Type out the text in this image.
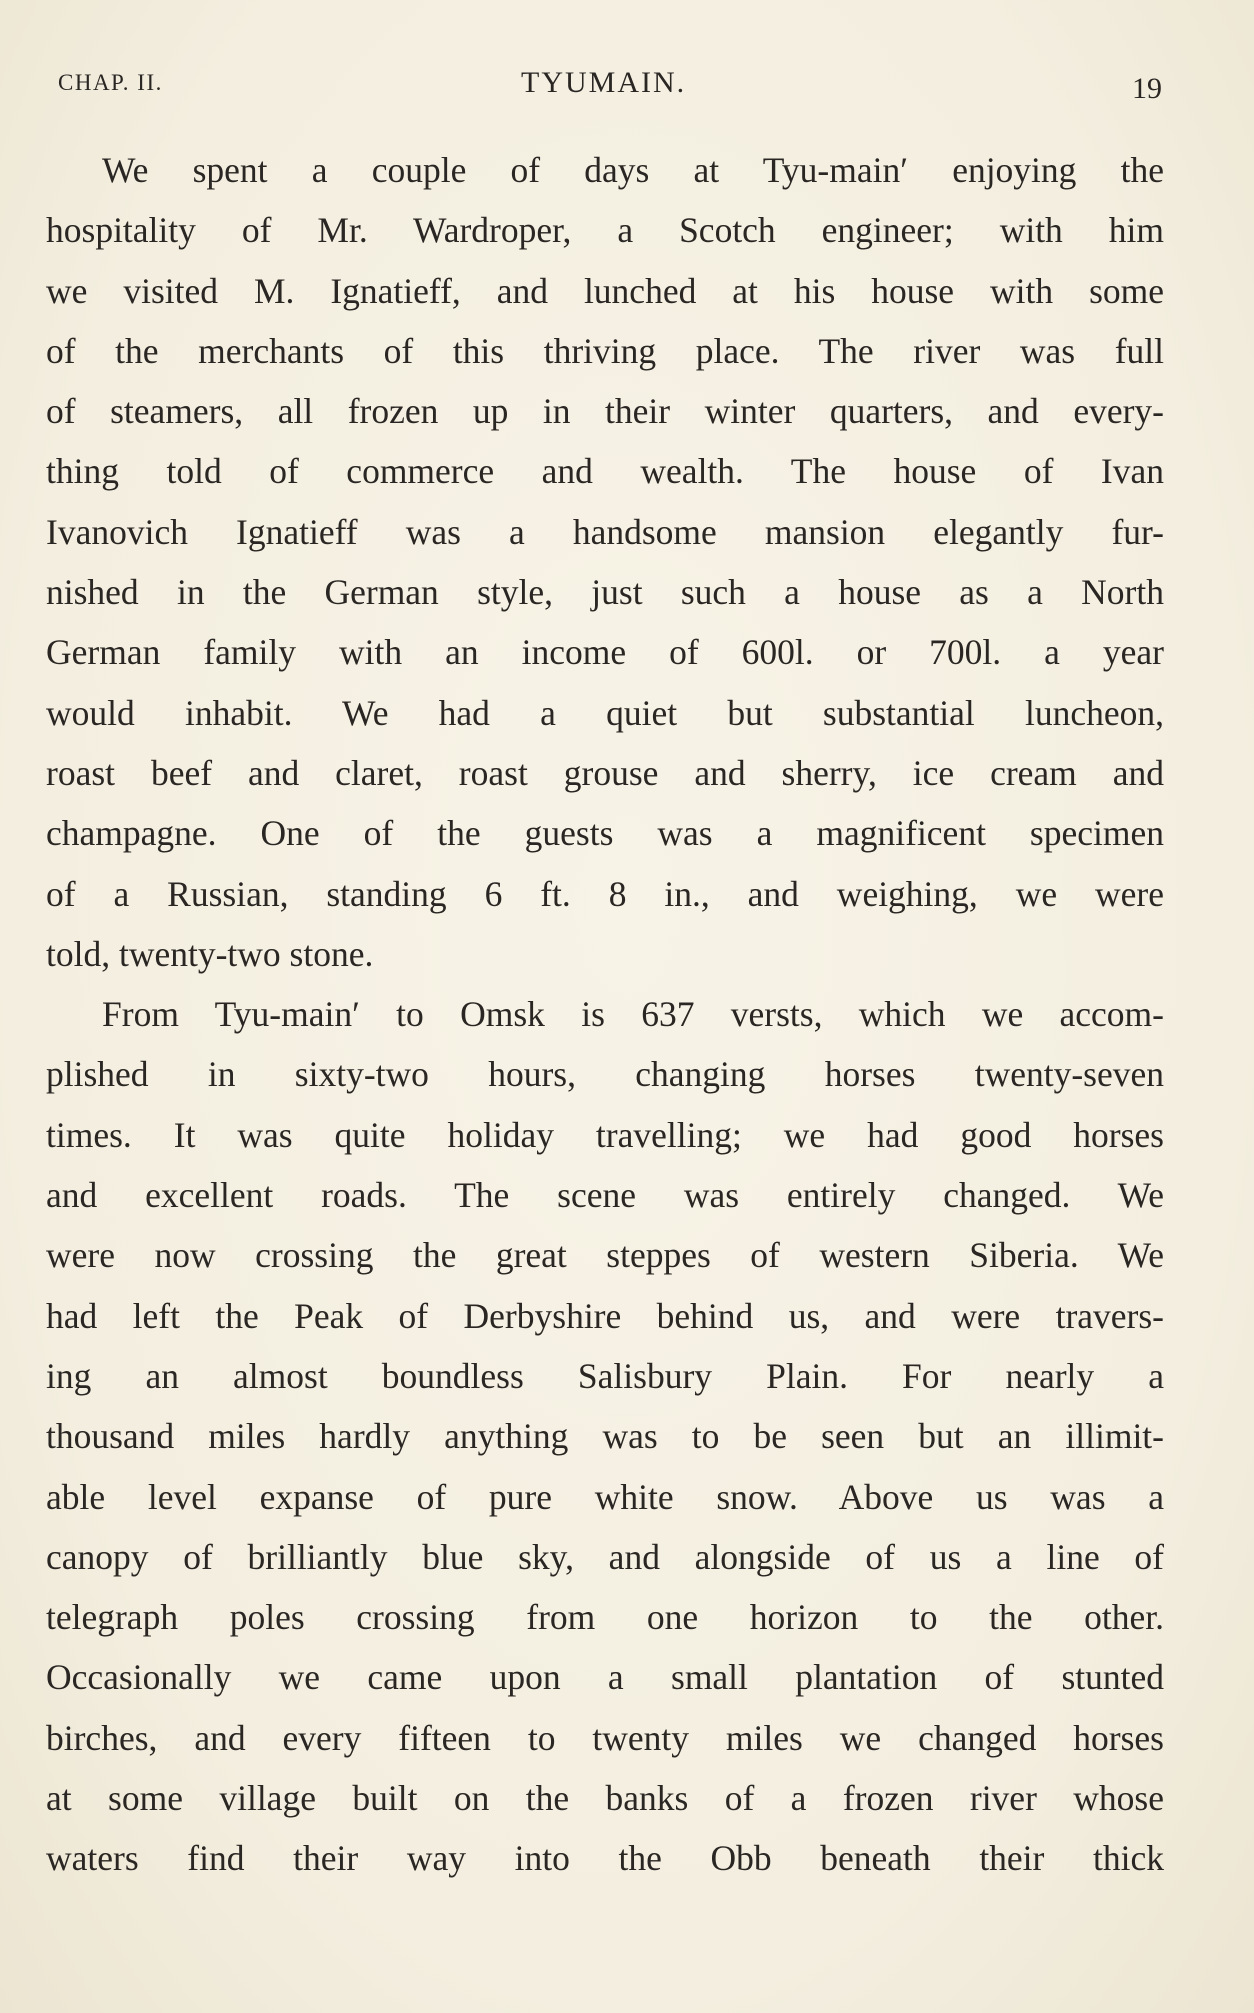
CHAP. II.	TYUMAIN.	19
We spent a couple of days at Tyu-main′ enjoying the
hospitality of Mr. Wardroper, a Scotch engineer; with him
we visited M. Ignatieff, and lunched at his house with some
of the merchants of this thriving place. The river was full
of steamers, all frozen up in their winter quarters, and every-
thing told of commerce and wealth. The house of Ivan
Ivanovich Ignatieff was a handsome mansion elegantly fur-
nished in the German style, just such a house as a North
German family with an income of 600l. or 700l. a year
would inhabit. We had a quiet but substantial luncheon,
roast beef and claret, roast grouse and sherry, ice cream and
champagne. One of the guests was a magnificent specimen
of a Russian, standing 6 ft. 8 in., and weighing, we were
told, twenty-two stone.
From Tyu-main′ to Omsk is 637 versts, which we accom-
plished in sixty-two hours, changing horses twenty-seven
times. It was quite holiday travelling; we had good horses
and excellent roads. The scene was entirely changed. We
were now crossing the great steppes of western Siberia. We
had left the Peak of Derbyshire behind us, and were travers-
ing an almost boundless Salisbury Plain. For nearly a
thousand miles hardly anything was to be seen but an illimit-
able level expanse of pure white snow. Above us was a
canopy of brilliantly blue sky, and alongside of us a line of
telegraph poles crossing from one horizon to the other.
Occasionally we came upon a small plantation of stunted
birches, and every fifteen to twenty miles we changed horses
at some village built on the banks of a frozen river whose
waters find their way into the Obb beneath their thick
